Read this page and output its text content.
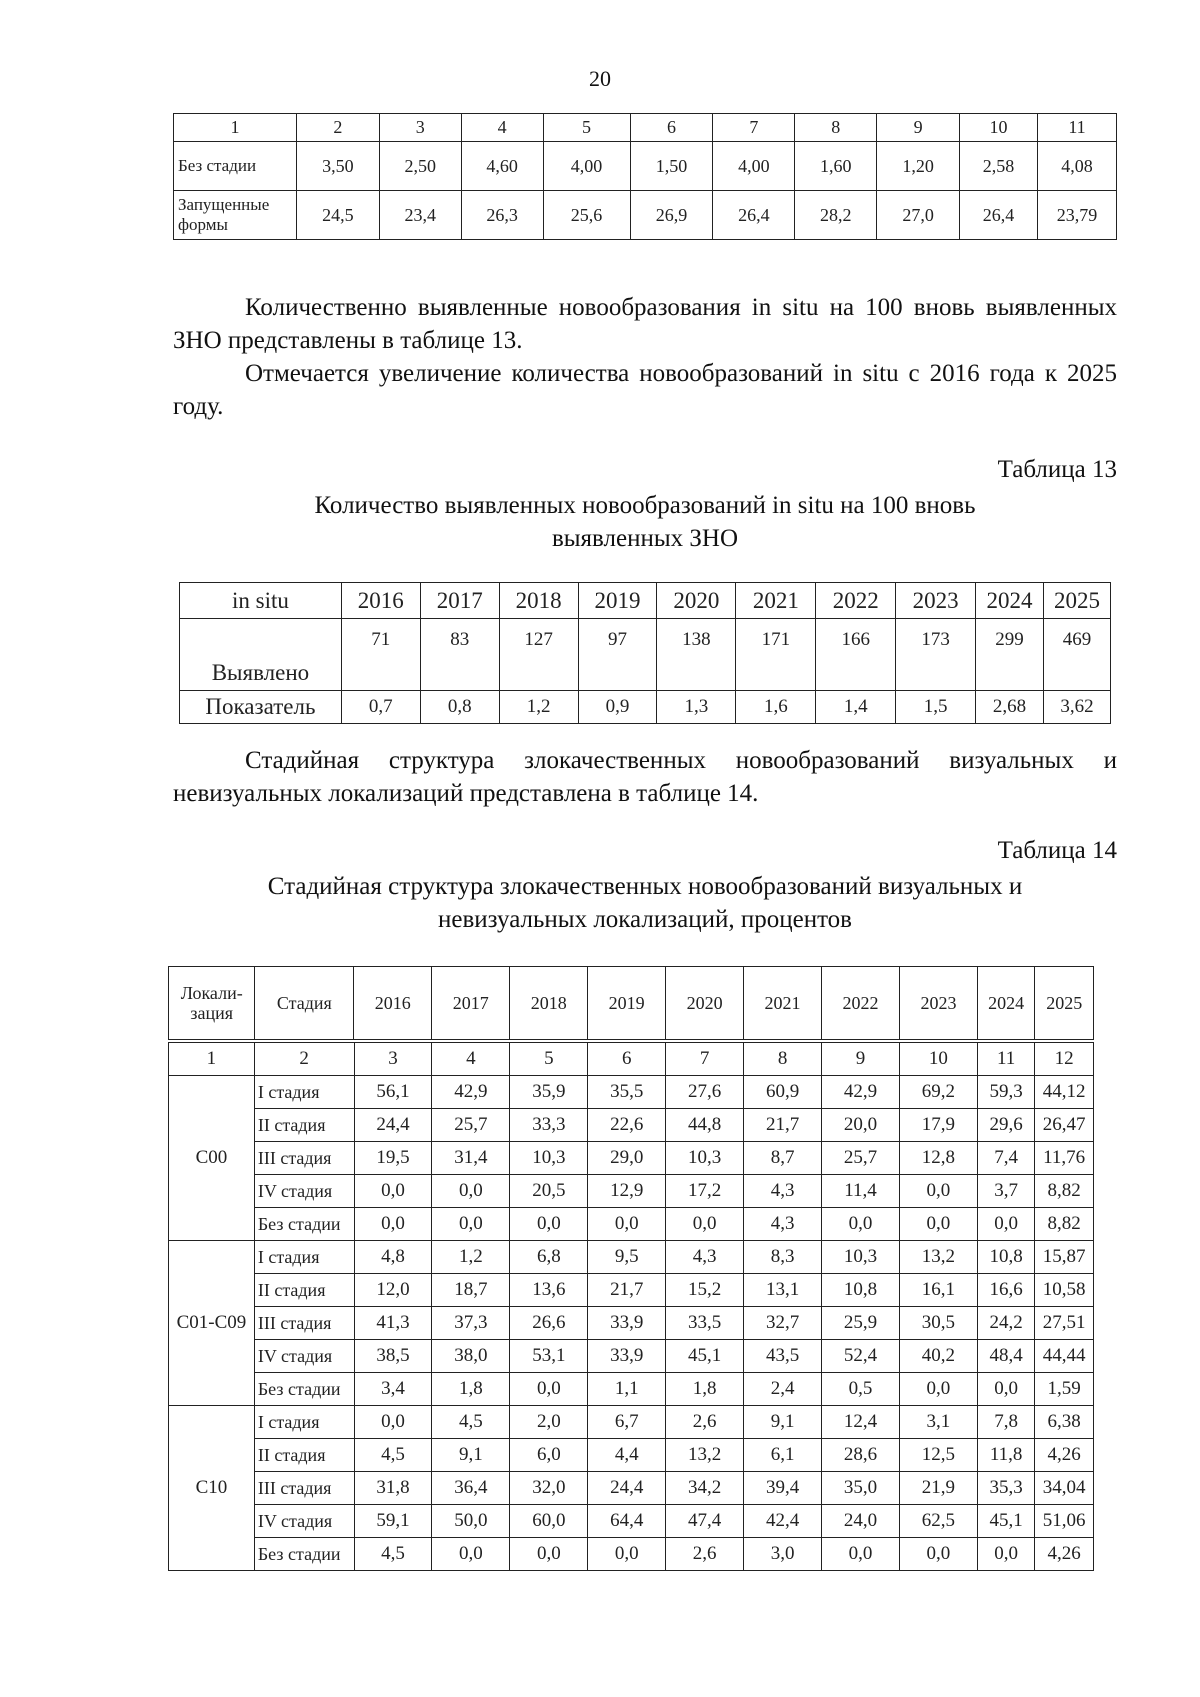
20
1	2	3	4	5	6	7	8	9	10	11
Без стадии	3,50	2,50	4,60	4,00	1,50	4,00	1,60	1,20	2,58	4,08
Запущенные
формы	24,5	23,4	26,3	25,6	26,9	26,4	28,2	27,0	26,4	23,79

Количественно выявленные новообразования in situ на 100 вновь выявленных ЗНО представлены в таблице 13.

Отмечается увеличение количества новообразований in situ с 2016 года к 2025 году.

Таблица 13
Количество выявленных новообразований in situ на 100 вновь
выявленных ЗНО
in situ	2016	2017	2018	2019	2020	2021	2022	2023	2024	2025
Выявлено	71	83	127	97	138	171	166	173	299	469
Показатель	0,7	0,8	1,2	0,9	1,3	1,6	1,4	1,5	2,68	3,62

Стадийная структура злокачественных новообразований визуальных и невизуальных локализаций представлена в таблице 14.

Таблица 14
Стадийная структура злокачественных новообразований визуальных и
невизуальных локализаций, процентов
Локали-
зация	Стадия	2016	2017	2018	2019	2020	2021	2022	2023	2024	2025
1	2	3	4	5	6	7	8	9	10	11	12
С00	I стадия	56,1	42,9	35,9	35,5	27,6	60,9	42,9	69,2	59,3	44,12
	II стадия	24,4	25,7	33,3	22,6	44,8	21,7	20,0	17,9	29,6	26,47
	III стадия	19,5	31,4	10,3	29,0	10,3	8,7	25,7	12,8	7,4	11,76
	IV стадия	0,0	0,0	20,5	12,9	17,2	4,3	11,4	0,0	3,7	8,82
	Без стадии	0,0	0,0	0,0	0,0	0,0	4,3	0,0	0,0	0,0	8,82
С01-С09	I стадия	4,8	1,2	6,8	9,5	4,3	8,3	10,3	13,2	10,8	15,87
	II стадия	12,0	18,7	13,6	21,7	15,2	13,1	10,8	16,1	16,6	10,58
	III стадия	41,3	37,3	26,6	33,9	33,5	32,7	25,9	30,5	24,2	27,51
	IV стадия	38,5	38,0	53,1	33,9	45,1	43,5	52,4	40,2	48,4	44,44
	Без стадии	3,4	1,8	0,0	1,1	1,8	2,4	0,5	0,0	0,0	1,59
С10	I стадия	0,0	4,5	2,0	6,7	2,6	9,1	12,4	3,1	7,8	6,38
	II стадия	4,5	9,1	6,0	4,4	13,2	6,1	28,6	12,5	11,8	4,26
	III стадия	31,8	36,4	32,0	24,4	34,2	39,4	35,0	21,9	35,3	34,04
	IV стадия	59,1	50,0	60,0	64,4	47,4	42,4	24,0	62,5	45,1	51,06
	Без стадии	4,5	0,0	0,0	0,0	2,6	3,0	0,0	0,0	0,0	4,26
